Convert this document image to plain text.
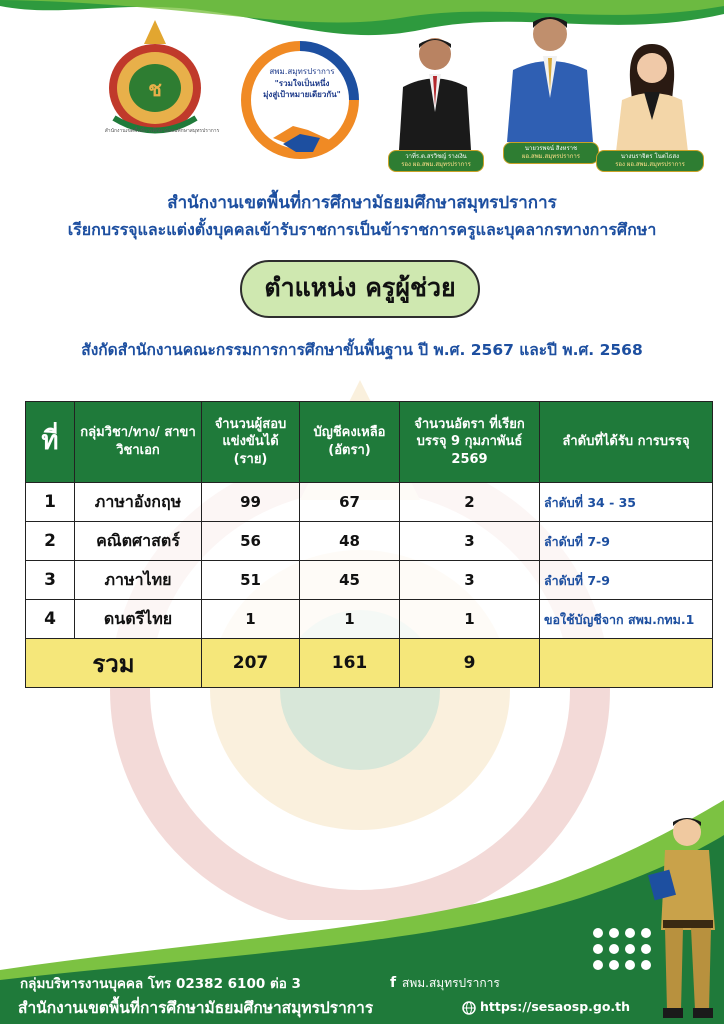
ช
สำนักงานเขตพื้นที่การศึกษามัธยมศึกษาสมุทรปราการ
สพม.สมุทรปราการ
"รวมใจเป็นหนึ่ง
มุ่งสู่เป้าหมายเดียวกัน"
วาที่ร.ต.สรวิชญ์ รางเงิน
รอง ผอ.สพม.สมุทรปราการ
นายวรพจน์ สิงหราช
ผอ.สพม.สมุทรปราการ	นางนราจิตร โนตไธสง
รอง ผอ.สพม.สมุทรปราการ
สำนักงานเขตพื้นที่การศึกษามัธยมศึกษาสมุทรปราการ
เรียกบรรจุและแต่งตั้งบุคคลเข้ารับราชการเป็นข้าราชการครูและบุคลากรทางการศึกษา
ตำแหน่ง ครูผู้ช่วย
สังกัดสำนักงานคณะกรรมการการศึกษาขั้นพื้นฐาน ปี พ.ศ. 2567 และปี พ.ศ. 2568
ที่	กลุ่มวิชา/ทาง/ สาขาวิชาเอก	จำนวนผู้สอบ แข่งขันได้ (ราย)	บัญชีคงเหลือ (อัตรา)	จำนวนอัตรา ที่เรียกบรรจุ 9 กุมภาพันธ์ 2569	ลำดับที่ได้รับ การบรรจุ
1	ภาษาอังกฤษ	99	67	2	ลำดับที่ 34 - 35
2	คณิตศาสตร์	56	48	3	ลำดับที่ 7-9
3	ภาษาไทย	51	45	3	ลำดับที่ 7-9
4	ดนตรีไทย	1	1	1	ขอใช้บัญชีจาก สพม.กทม.1
รวม		207	161	9	
กลุ่มบริหารงานบุคคล โทร 02382 6100 ต่อ 3	f สพม.สมุทรปราการ
สำนักงานเขตพื้นที่การศึกษามัธยมศึกษาสมุทรปราการ	https://sesaosp.go.th
